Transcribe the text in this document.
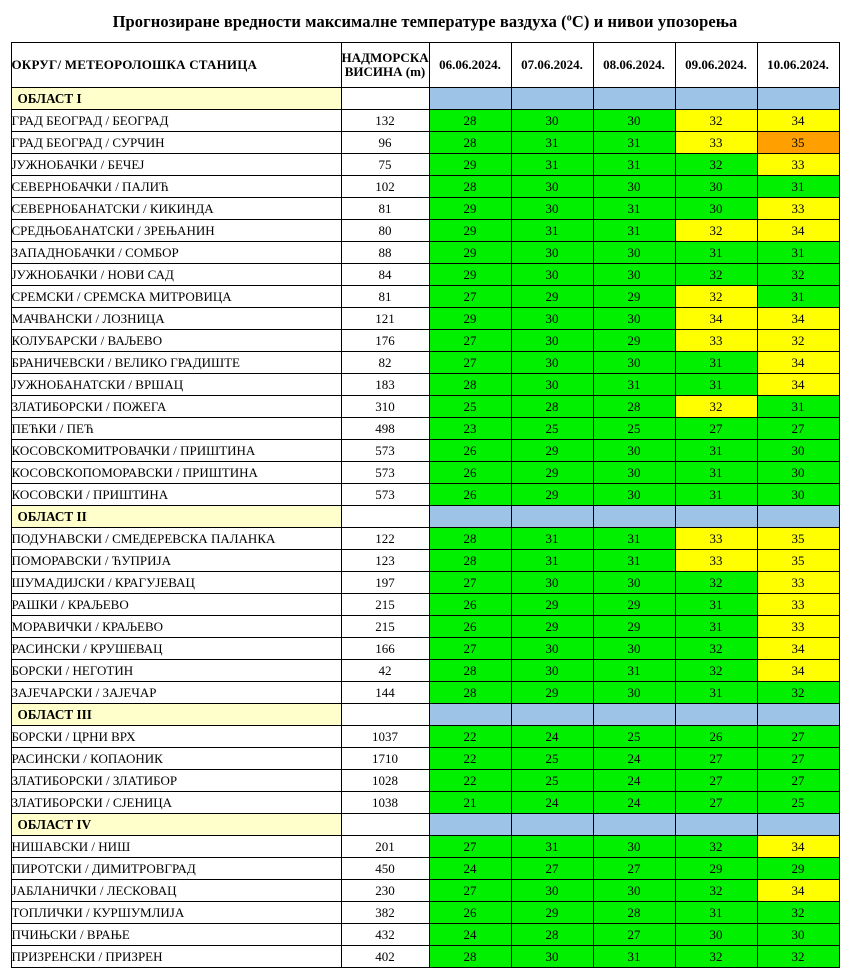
Прогнозиране вредности максималне температуре ваздуха ($^o$C) и нивои упозорења
ОКРУГ/ МЕТЕОРОЛОШКА СТАНИЦА	НАДМОРСКА
ВИСИНА (m)	06.06.2024.	07.06.2024.	08.06.2024.	09.06.2024.	10.06.2024.
ОБЛАСТ I						
ГРАД БЕОГРАД / БЕОГРАД	132	28	30	30	32	34
ГРАД БЕОГРАД / СУРЧИН	96	28	31	31	33	35
ЈУЖНОБАЧКИ / БЕЧЕЈ	75	29	31	31	32	33
СЕВЕРНОБАЧКИ / ПАЛИЋ	102	28	30	30	30	31
СЕВЕРНОБАНАТСКИ / КИКИНДА	81	29	30	31	30	33
СРЕДЊОБАНАТСКИ / ЗРЕЊАНИН	80	29	31	31	32	34
ЗАПАДНОБАЧКИ / СОМБОР	88	29	30	30	31	31
ЈУЖНОБАЧКИ / НОВИ САД	84	29	30	30	32	32
СРЕМСКИ / СРЕМСКА МИТРОВИЦА	81	27	29	29	32	31
МАЧВАНСКИ / ЛОЗНИЦА	121	29	30	30	34	34
КОЛУБАРСКИ / ВАЉЕВО	176	27	30	29	33	32
БРАНИЧЕВСКИ / ВЕЛИКО ГРАДИШТЕ	82	27	30	30	31	34
ЈУЖНОБАНАТСКИ / ВРШАЦ	183	28	30	31	31	34
ЗЛАТИБОРСКИ / ПОЖЕГА	310	25	28	28	32	31
ПЕЋКИ / ПЕЋ	498	23	25	25	27	27
КОСОВСКОМИТРОВАЧКИ / ПРИШТИНА	573	26	29	30	31	30
КОСОВСКОПОМОРАВСКИ / ПРИШТИНА	573	26	29	30	31	30
КОСОВСКИ / ПРИШТИНА	573	26	29	30	31	30
ОБЛАСТ II						
ПОДУНАВСКИ / СМЕДЕРЕВСКА ПАЛАНКА	122	28	31	31	33	35
ПОМОРАВСКИ / ЋУПРИЈА	123	28	31	31	33	35
ШУМАДИЈСКИ / КРАГУЈЕВАЦ	197	27	30	30	32	33
РАШКИ / КРАЉЕВО	215	26	29	29	31	33
МОРАВИЧКИ / КРАЉЕВО	215	26	29	29	31	33
РАСИНСКИ / КРУШЕВАЦ	166	27	30	30	32	34
БОРСКИ / НЕГОТИН	42	28	30	31	32	34
ЗАЈЕЧАРСКИ / ЗАЈЕЧАР	144	28	29	30	31	32
ОБЛАСТ III						
БОРСКИ / ЦРНИ ВРХ	1037	22	24	25	26	27
РАСИНСКИ / КОПАОНИК	1710	22	25	24	27	27
ЗЛАТИБОРСКИ / ЗЛАТИБОР	1028	22	25	24	27	27
ЗЛАТИБОРСКИ / СЈЕНИЦА	1038	21	24	24	27	25
ОБЛАСТ IV						
НИШАВСКИ / НИШ	201	27	31	30	32	34
ПИРОТСКИ / ДИМИТРОВГРАД	450	24	27	27	29	29
ЈАБЛАНИЧКИ / ЛЕСКОВАЦ	230	27	30	30	32	34
ТОПЛИЧКИ / КУРШУМЛИЈА	382	26	29	28	31	32
ПЧИЊСКИ / ВРАЊЕ	432	24	28	27	30	30
ПРИЗРЕНСКИ / ПРИЗРЕН	402	28	30	31	32	32
